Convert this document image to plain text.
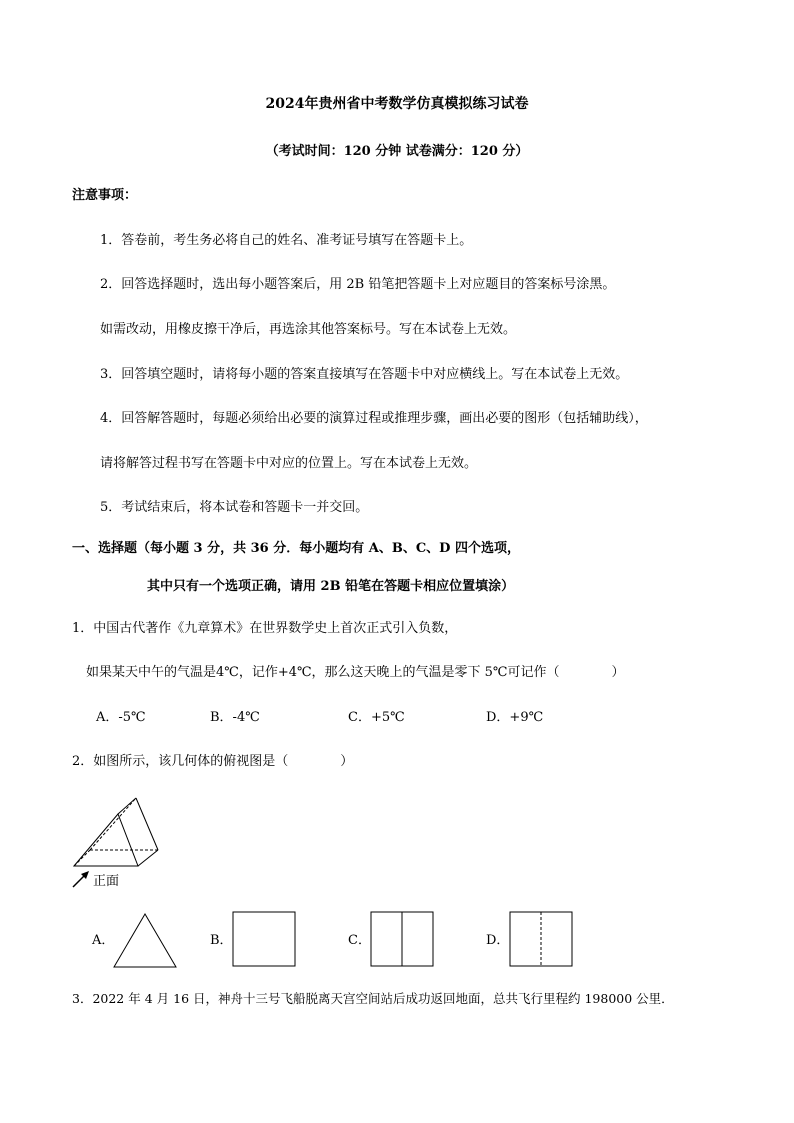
2024年贵州省中考数学仿真模拟练习试卷
（考试时间：120 分钟 试卷满分：120 分）
注意事项：
1．答卷前，考生务必将自己的姓名、准考证号填写在答题卡上。
2．回答选择题时，选出每小题答案后，用 2B 铅笔把答题卡上对应题目的答案标号涂黑。
如需改动，用橡皮擦干净后，再选涂其他答案标号。写在本试卷上无效。
3．回答填空题时，请将每小题的答案直接填写在答题卡中对应横线上。写在本试卷上无效。
4．回答解答题时，每题必须给出必要的演算过程或推理步骤，画出必要的图形（包括辅助线），
请将解答过程书写在答题卡中对应的位置上。写在本试卷上无效。
5．考试结束后，将本试卷和答题卡一并交回。
一、选择题（每小题 3 分，共 36 分．每小题均有 A、B、C、D 四个选项，
其中只有一个选项正确，请用 2B 铅笔在答题卡相应位置填涂）
1．中国古代著作《九章算术》在世界数学史上首次正式引入负数，
如果某天中午的气温是4℃，记作+4℃，那么这天晚上的气温是零下 5℃可记作（　　　　）
A．-5℃	B．-4℃	C．+5℃	D．+9℃
2．如图所示，该几何体的俯视图是（　　　　）
正面
A．	B．	C．	D．
3．2022 年 4 月 16 日，神舟十三号飞船脱离天宫空间站后成功返回地面，总共飞行里程约 198000 公里．
